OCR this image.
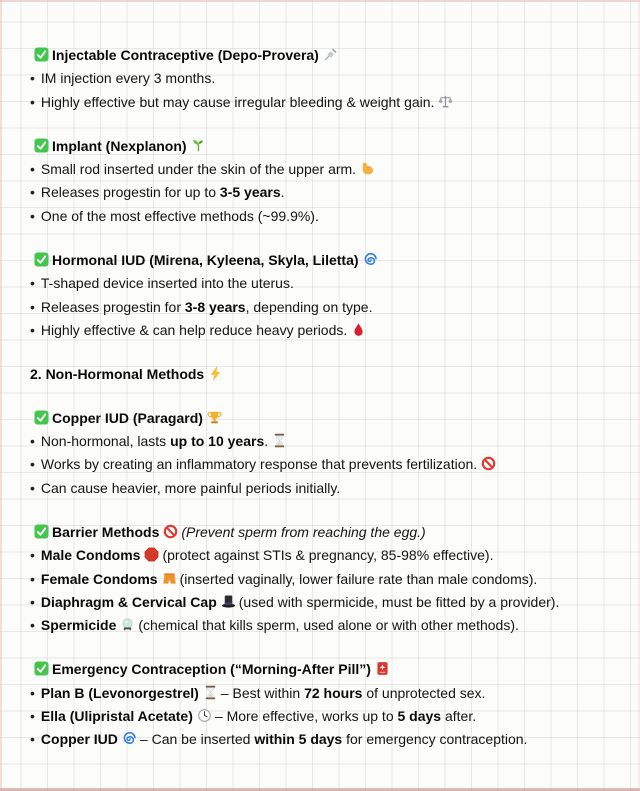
Injectable Contraceptive (Depo-Provera)
• IM injection every 3 months.
• Highly effective but may cause irregular bleeding & weight gain.
Implant (Nexplanon)
• Small rod inserted under the skin of the upper arm.
• Releases progestin for up to 3-5 years.
• One of the most effective methods (~99.9%).
Hormonal IUD (Mirena, Kyleena, Skyla, Liletta)
• T-shaped device inserted into the uterus.
• Releases progestin for 3-8 years, depending on type.
• Highly effective & can help reduce heavy periods.
2. Non-Hormonal Methods
Copper IUD (Paragard)
• Non-hormonal, lasts up to 10 years.
• Works by creating an inflammatory response that prevents fertilization.
• Can cause heavier, more painful periods initially.
Barrier Methods (Prevent sperm from reaching the egg.)
• Male Condoms (protect against STIs & pregnancy, 85-98% effective).
• Female Condoms (inserted vaginally, lower failure rate than male condoms).
• Diaphragm & Cervical Cap (used with spermicide, must be fitted by a provider).
• Spermicide (chemical that kills sperm, used alone or with other methods).
Emergency Contraception (“Morning-After Pill”)
• Plan B (Levonorgestrel) – Best within 72 hours of unprotected sex.
• Ella (Ulipristal Acetate) – More effective, works up to 5 days after.
• Copper IUD – Can be inserted within 5 days for emergency contraception.
